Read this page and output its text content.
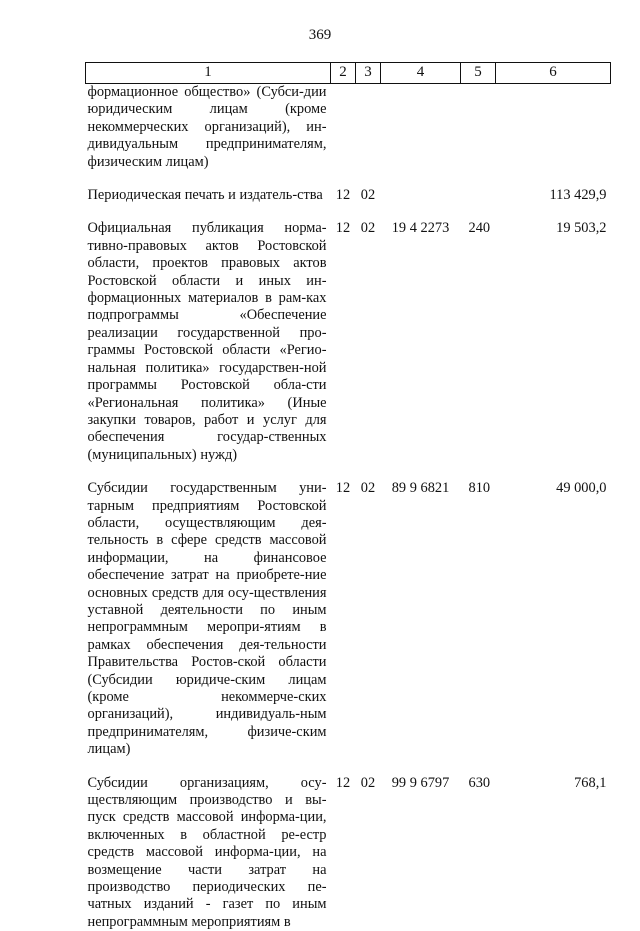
369
1	2	3	4	5	6
формационное общество» (Субси-дии юридическим лицам (кроме некоммерческих организаций), ин-дивидуальным предпринимателям, физическим лицам)					
Периодическая печать и издатель-ства	12	02			113 429,9
Официальная публикация норма-тивно-правовых актов Ростовской области, проектов правовых актов Ростовской области и иных ин-формационных материалов в рам-ках подпрограммы «Обеспечение реализации государственной про-граммы Ростовской области «Регио-нальная политика» государствен-ной программы Ростовской обла-сти «Региональная политика» (Иные закупки товаров, работ и услуг для обеспечения государ-ственных (муниципальных) нужд)	12	02	19 4 2273	240	19 503,2
Субсидии государственным уни-тарным предприятиям Ростовской области, осуществляющим дея-тельность в сфере средств массовой информации, на финансовое обеспечение затрат на приобрете-ние основных средств для осу-ществления уставной деятельности по иным непрограммным меропри-ятиям в рамках обеспечения дея-тельности Правительства Ростов-ской области (Субсидии юридиче-ским лицам (кроме некоммерче-ских организаций), индивидуаль-ным предпринимателям, физиче-ским лицам)	12	02	89 9 6821	810	49 000,0
Субсидии организациям, осу-ществляющим производство и вы-пуск средств массовой информа-ции, включенных в областной ре-естр средств массовой информа-ции, на возмещение части затрат на производство периодических пе-чатных изданий - газет по иным непрограммным мероприятиям в	12	02	99 9 6797	630	768,1
